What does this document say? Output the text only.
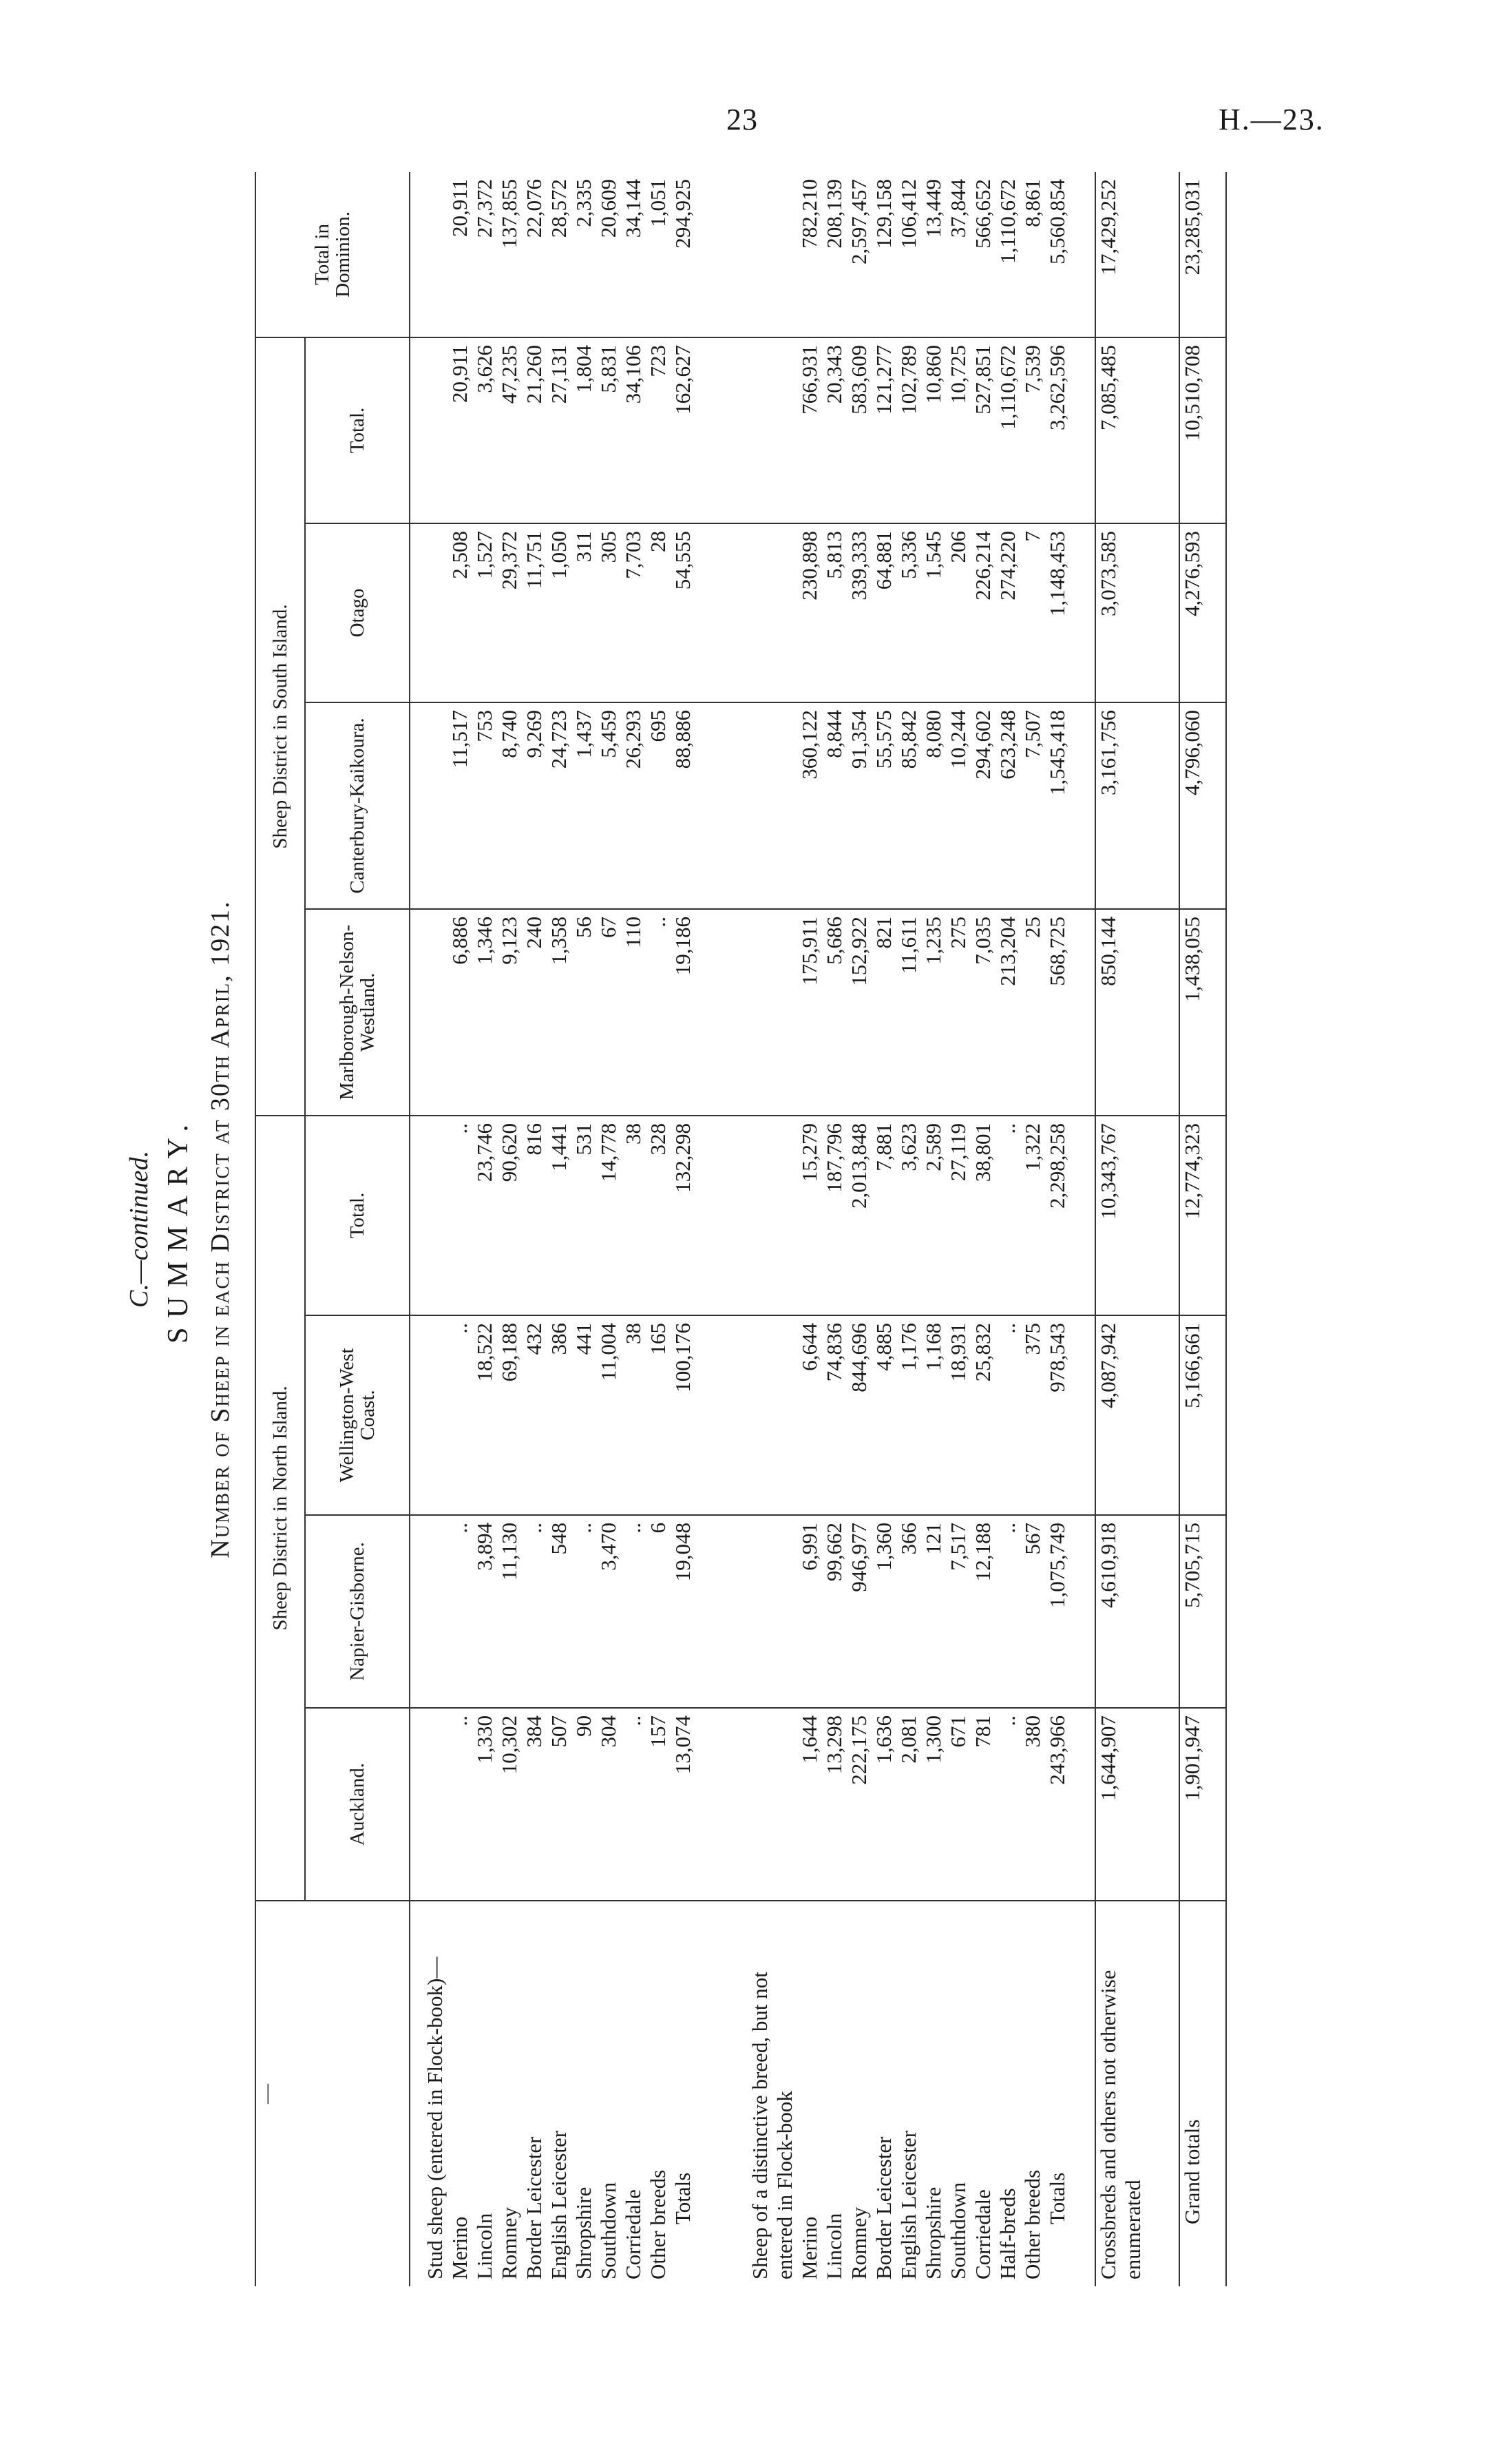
23	H.—23.
C.—continued. SUMMARY. Number of Sheep in each District at 30th April, 1921.
—	Sheep District in North Island.				Sheep District in South Island.				Total in Dominion.
	Auckland.	Napier-Gisborne.	Wellington-West Coast.	Total.	Marlborough-Nelson-Westland.	Canterbury-Kaikoura.	Otago	Total.	

Stud sheep (entered in Flock-book)—									
Merino	..	..	..	..	6,886	11,517	2,508	20,911	20,911
Lincoln	1,330	3,894	18,522	23,746	1,346	753	1,527	3,626	27,372
Romney	10,302	11,130	69,188	90,620	9,123	8,740	29,372	47,235	137,855
Border Leicester	384	..	432	816	240	9,269	11,751	21,260	22,076
English Leicester	507	548	386	1,441	1,358	24,723	1,050	27,131	28,572
Shropshire	90	..	441	531	56	1,437	311	1,804	2,335
Southdown	304	3,470	11,004	14,778	67	5,459	305	5,831	20,609
Corriedale	..	..	38	38	110	26,293	7,703	34,106	34,144
Other breeds	157	6	165	328	..	695	28	723	1,051
Totals	13,074	19,048	100,176	132,298	19,186	88,886	54,555	162,627	294,925

Sheep of a distinctive breed, but not entered in Flock-book									
Merino	1,644	6,991	6,644	15,279	175,911	360,122	230,898	766,931	782,210
Lincoln	13,298	99,662	74,836	187,796	5,686	8,844	5,813	20,343	208,139
Romney	222,175	946,977	844,696	2,013,848	152,922	91,354	339,333	583,609	2,597,457
Border Leicester	1,636	1,360	4,885	7,881	821	55,575	64,881	121,277	129,158
English Leicester	2,081	366	1,176	3,623	11,611	85,842	5,336	102,789	106,412
Shropshire	1,300	121	1,168	2,589	1,235	8,080	1,545	10,860	13,449
Southdown	671	7,517	18,931	27,119	275	10,244	206	10,725	37,844
Corriedale	781	12,188	25,832	38,801	7,035	294,602	226,214	527,851	566,652
Half-breds	..	..	..	..	213,204	623,248	274,220	1,110,672	1,110,672
Other breeds	380	567	375	1,322	25	7,507	7	7,539	8,861
Totals	243,966	1,075,749	978,543	2,298,258	568,725	1,545,418	1,148,453	3,262,596	5,560,854
Crossbreds and others not otherwise enumerated	1,644,907	4,610,918	4,087,942	10,343,767	850,144	3,161,756	3,073,585	7,085,485	17,429,252
Grand totals	1,901,947	5,705,715	5,166,661	12,774,323	1,438,055	4,796,060	4,276,593	10,510,708	23,285,031
